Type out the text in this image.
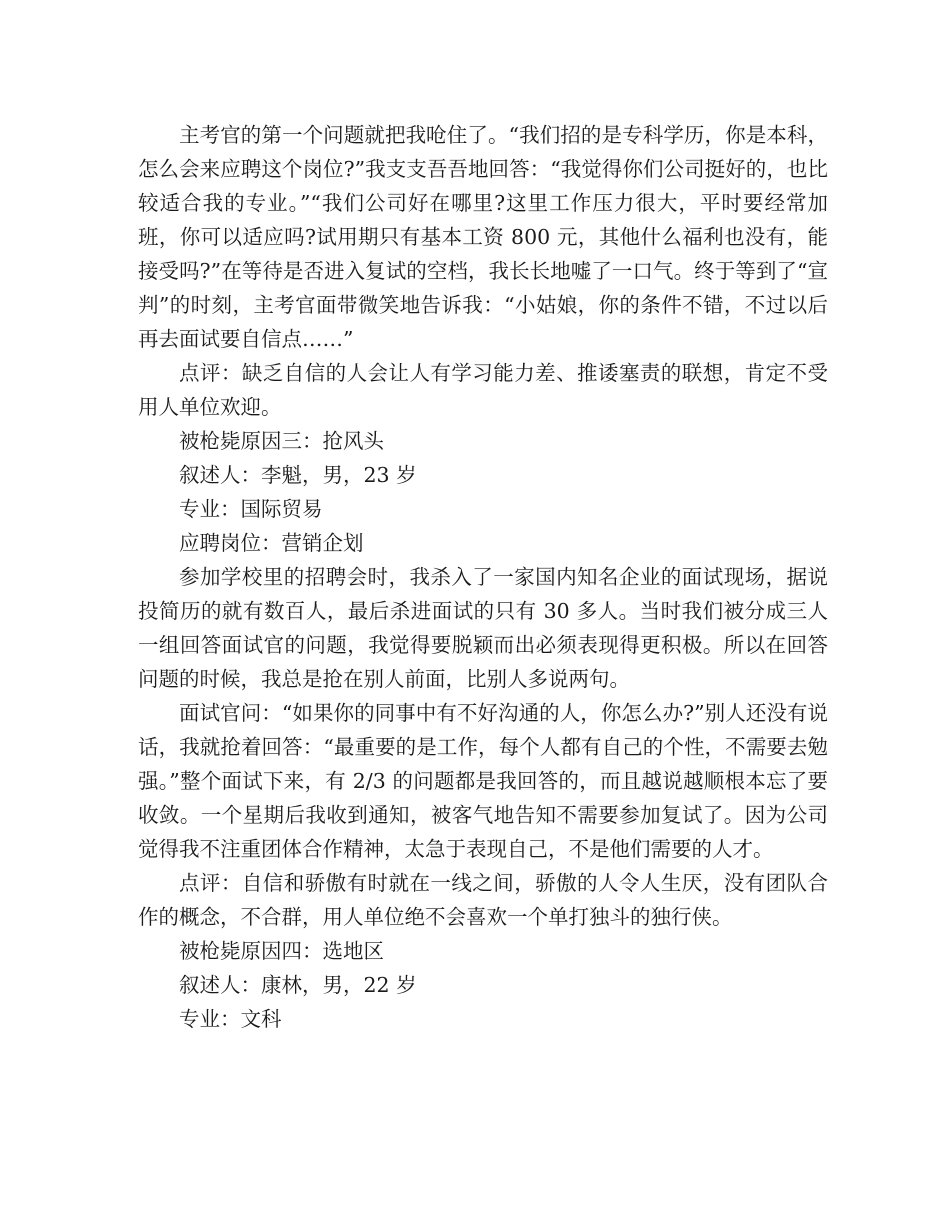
主考官的第一个问题就把我呛住了。“我们招的是专科学历，你是本科，怎么会来应聘这个岗位?”我支支吾吾地回答：“我觉得你们公司挺好的，也比较适合我的专业。”“我们公司好在哪里?这里工作压力很大，平时要经常加班，你可以适应吗?试用期只有基本工资 800 元，其他什么福利也没有，能接受吗?”在等待是否进入复试的空档，我长长地嘘了一口气。终于等到了“宣判”的时刻，主考官面带微笑地告诉我：“小姑娘，你的条件不错，不过以后再去面试要自信点……”

点评：缺乏自信的人会让人有学习能力差、推诿塞责的联想，肯定不受用人单位欢迎。

被枪毙原因三：抢风头

叙述人：李魁，男，23 岁

专业：国际贸易

应聘岗位：营销企划

参加学校里的招聘会时，我杀入了一家国内知名企业的面试现场，据说投简历的就有数百人，最后杀进面试的只有 30 多人。当时我们被分成三人一组回答面试官的问题，我觉得要脱颖而出必须表现得更积极。所以在回答问题的时候，我总是抢在别人前面，比别人多说两句。

面试官问：“如果你的同事中有不好沟通的人，你怎么办?”别人还没有说话，我就抢着回答：“最重要的是工作，每个人都有自己的个性，不需要去勉强。”整个面试下来，有 2/3 的问题都是我回答的，而且越说越顺根本忘了要收敛。一个星期后我收到通知，被客气地告知不需要参加复试了。因为公司觉得我不注重团体合作精神，太急于表现自己，不是他们需要的人才。

点评：自信和骄傲有时就在一线之间，骄傲的人令人生厌，没有团队合作的概念，不合群，用人单位绝不会喜欢一个单打独斗的独行侠。

被枪毙原因四：选地区

叙述人：康林，男，22 岁

专业：文科
